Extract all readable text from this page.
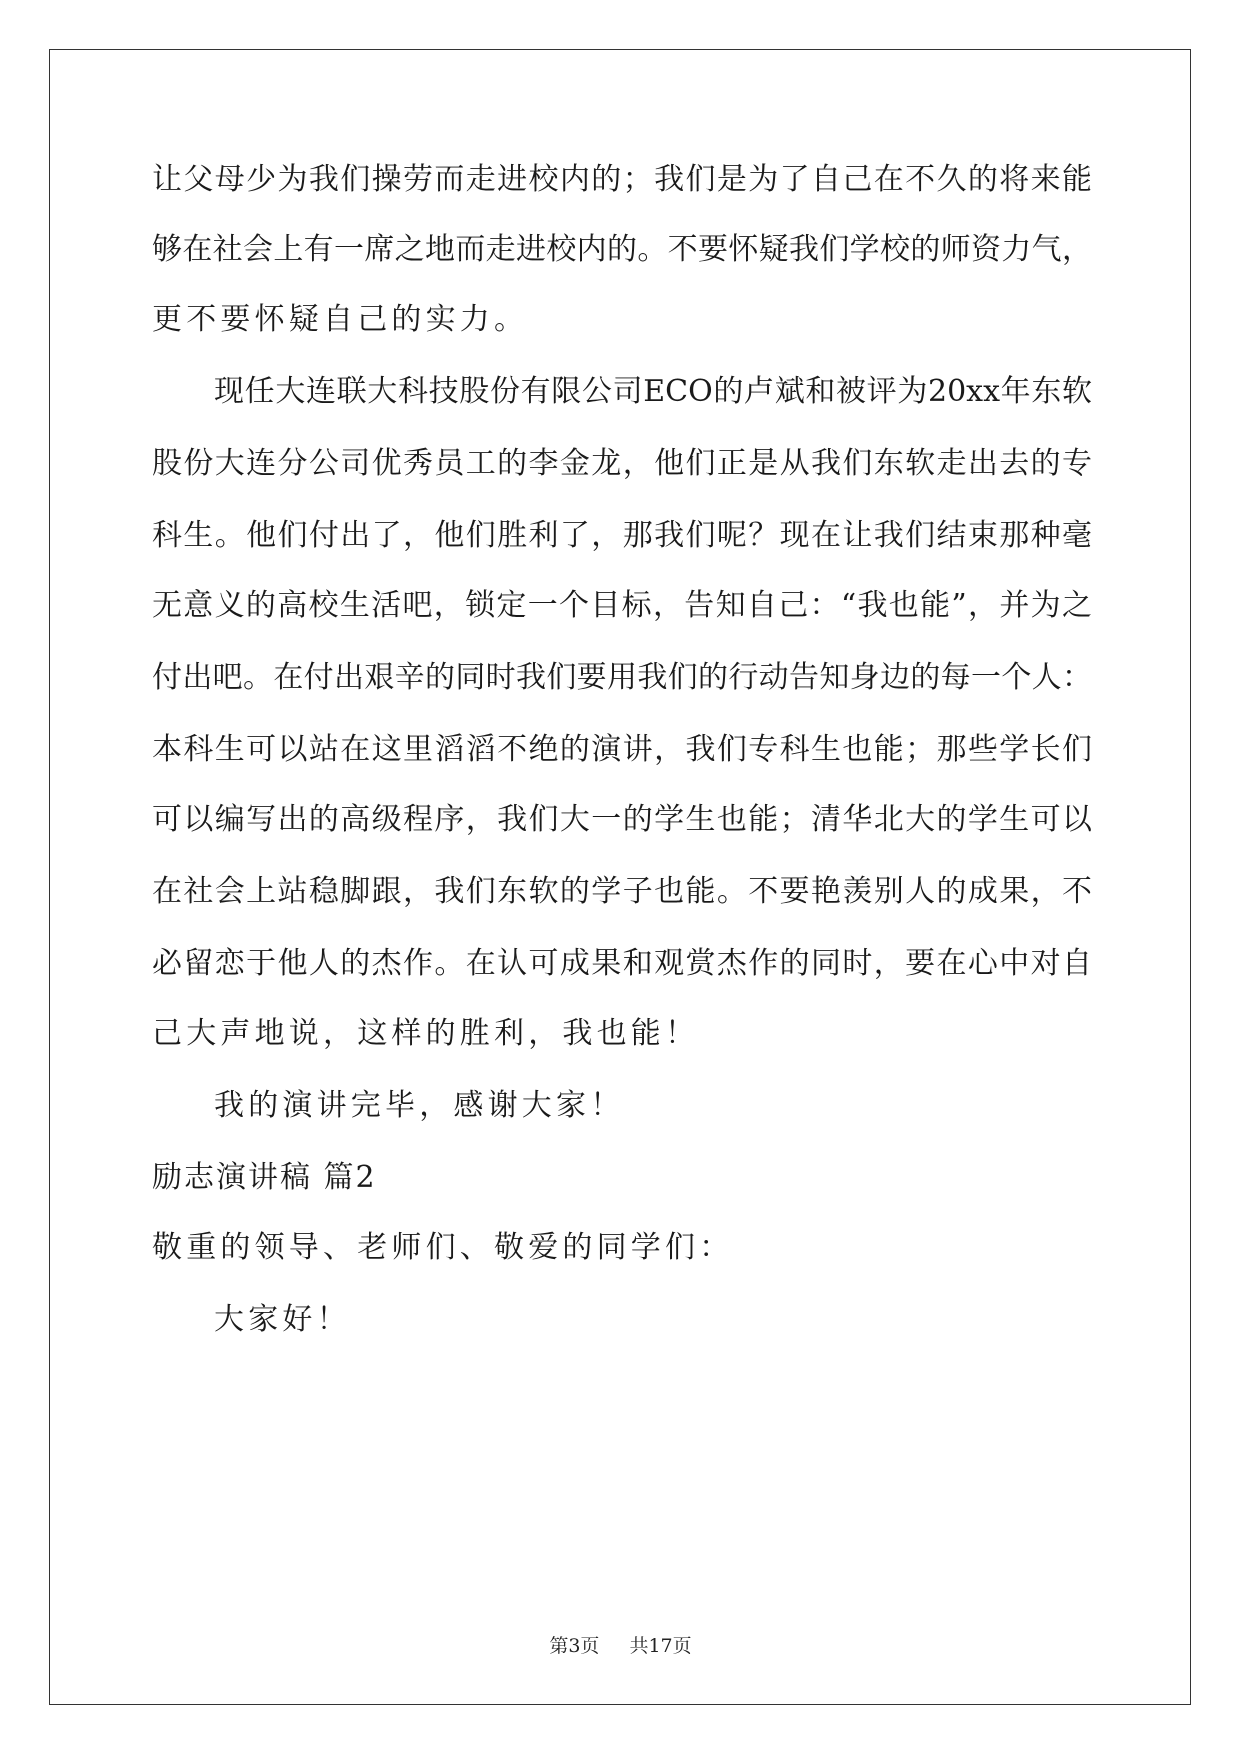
让父母少为我们操劳而走进校内的；我们是为了自己在不久的将来能
够在社会上有一席之地而走进校内的。不要怀疑我们学校的师资力气，
更不要怀疑自己的实力。
现任大连联大科技股份有限公司ECO的卢斌和被评为20xx年东软
股份大连分公司优秀员工的李金龙，他们正是从我们东软走出去的专
科生。他们付出了，他们胜利了，那我们呢？现在让我们结束那种毫
无意义的高校生活吧，锁定一个目标，告知自己：“我也能”，并为之
付出吧。在付出艰辛的同时我们要用我们的行动告知身边的每一个人：
本科生可以站在这里滔滔不绝的演讲，我们专科生也能；那些学长们
可以编写出的高级程序，我们大一的学生也能；清华北大的学生可以
在社会上站稳脚跟，我们东软的学子也能。不要艳羡别人的成果，不
必留恋于他人的杰作。在认可成果和观赏杰作的同时，要在心中对自
己大声地说，这样的胜利，我也能！
我的演讲完毕，感谢大家！
励志演讲稿 篇2
敬重的领导、老师们、敬爱的同学们：
大家好！
第3页 共17页
